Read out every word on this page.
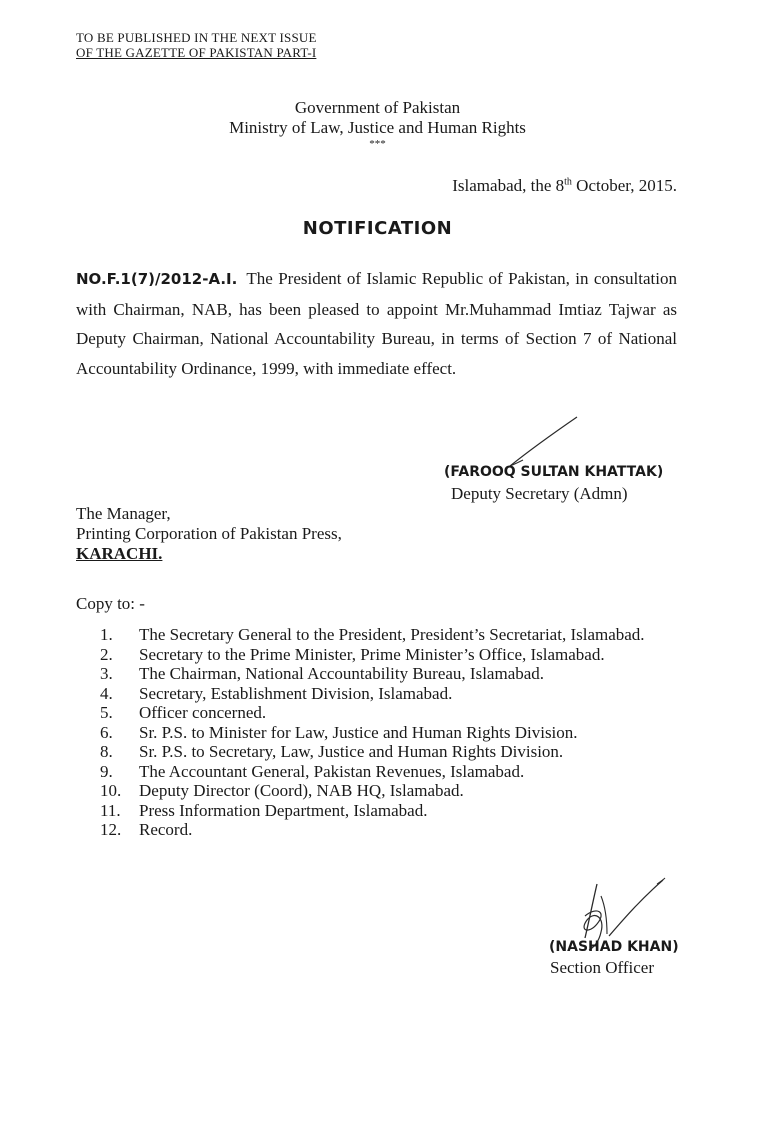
TO BE PUBLISHED IN THE NEXT ISSUE
OF THE GAZETTE OF PAKISTAN PART-I
Government of Pakistan
Ministry of Law, Justice and Human Rights
***
Islamabad, the 8th October, 2015.
NOTIFICATION
NO.F.1(7)/2012-A.I. The President of Islamic Republic of Pakistan, in consultation with Chairman, NAB, has been pleased to appoint Mr.Muhammad Imtiaz Tajwar as Deputy Chairman, National Accountability Bureau, in terms of Section 7 of National Accountability Ordinance, 1999, with immediate effect.
(FAROOQ SULTAN KHATTAK)
Deputy Secretary (Admn)
The Manager,
Printing Corporation of Pakistan Press,
KARACHI.
Copy to: -
1.	The Secretary General to the President, President’s Secretariat, Islamabad.
2.	Secretary to the Prime Minister, Prime Minister’s Office, Islamabad.
3.	The Chairman, National Accountability Bureau, Islamabad.
4.	Secretary, Establishment Division, Islamabad.
5.	Officer concerned.
6.	Sr. P.S. to Minister for Law, Justice and Human Rights Division.
8.	Sr. P.S. to Secretary, Law, Justice and Human Rights Division.
9.	The Accountant General, Pakistan Revenues, Islamabad.
10. Deputy Director (Coord), NAB HQ, Islamabad.
11. Press Information Department, Islamabad.
12. Record.
(NASHAD KHAN)
Section Officer
